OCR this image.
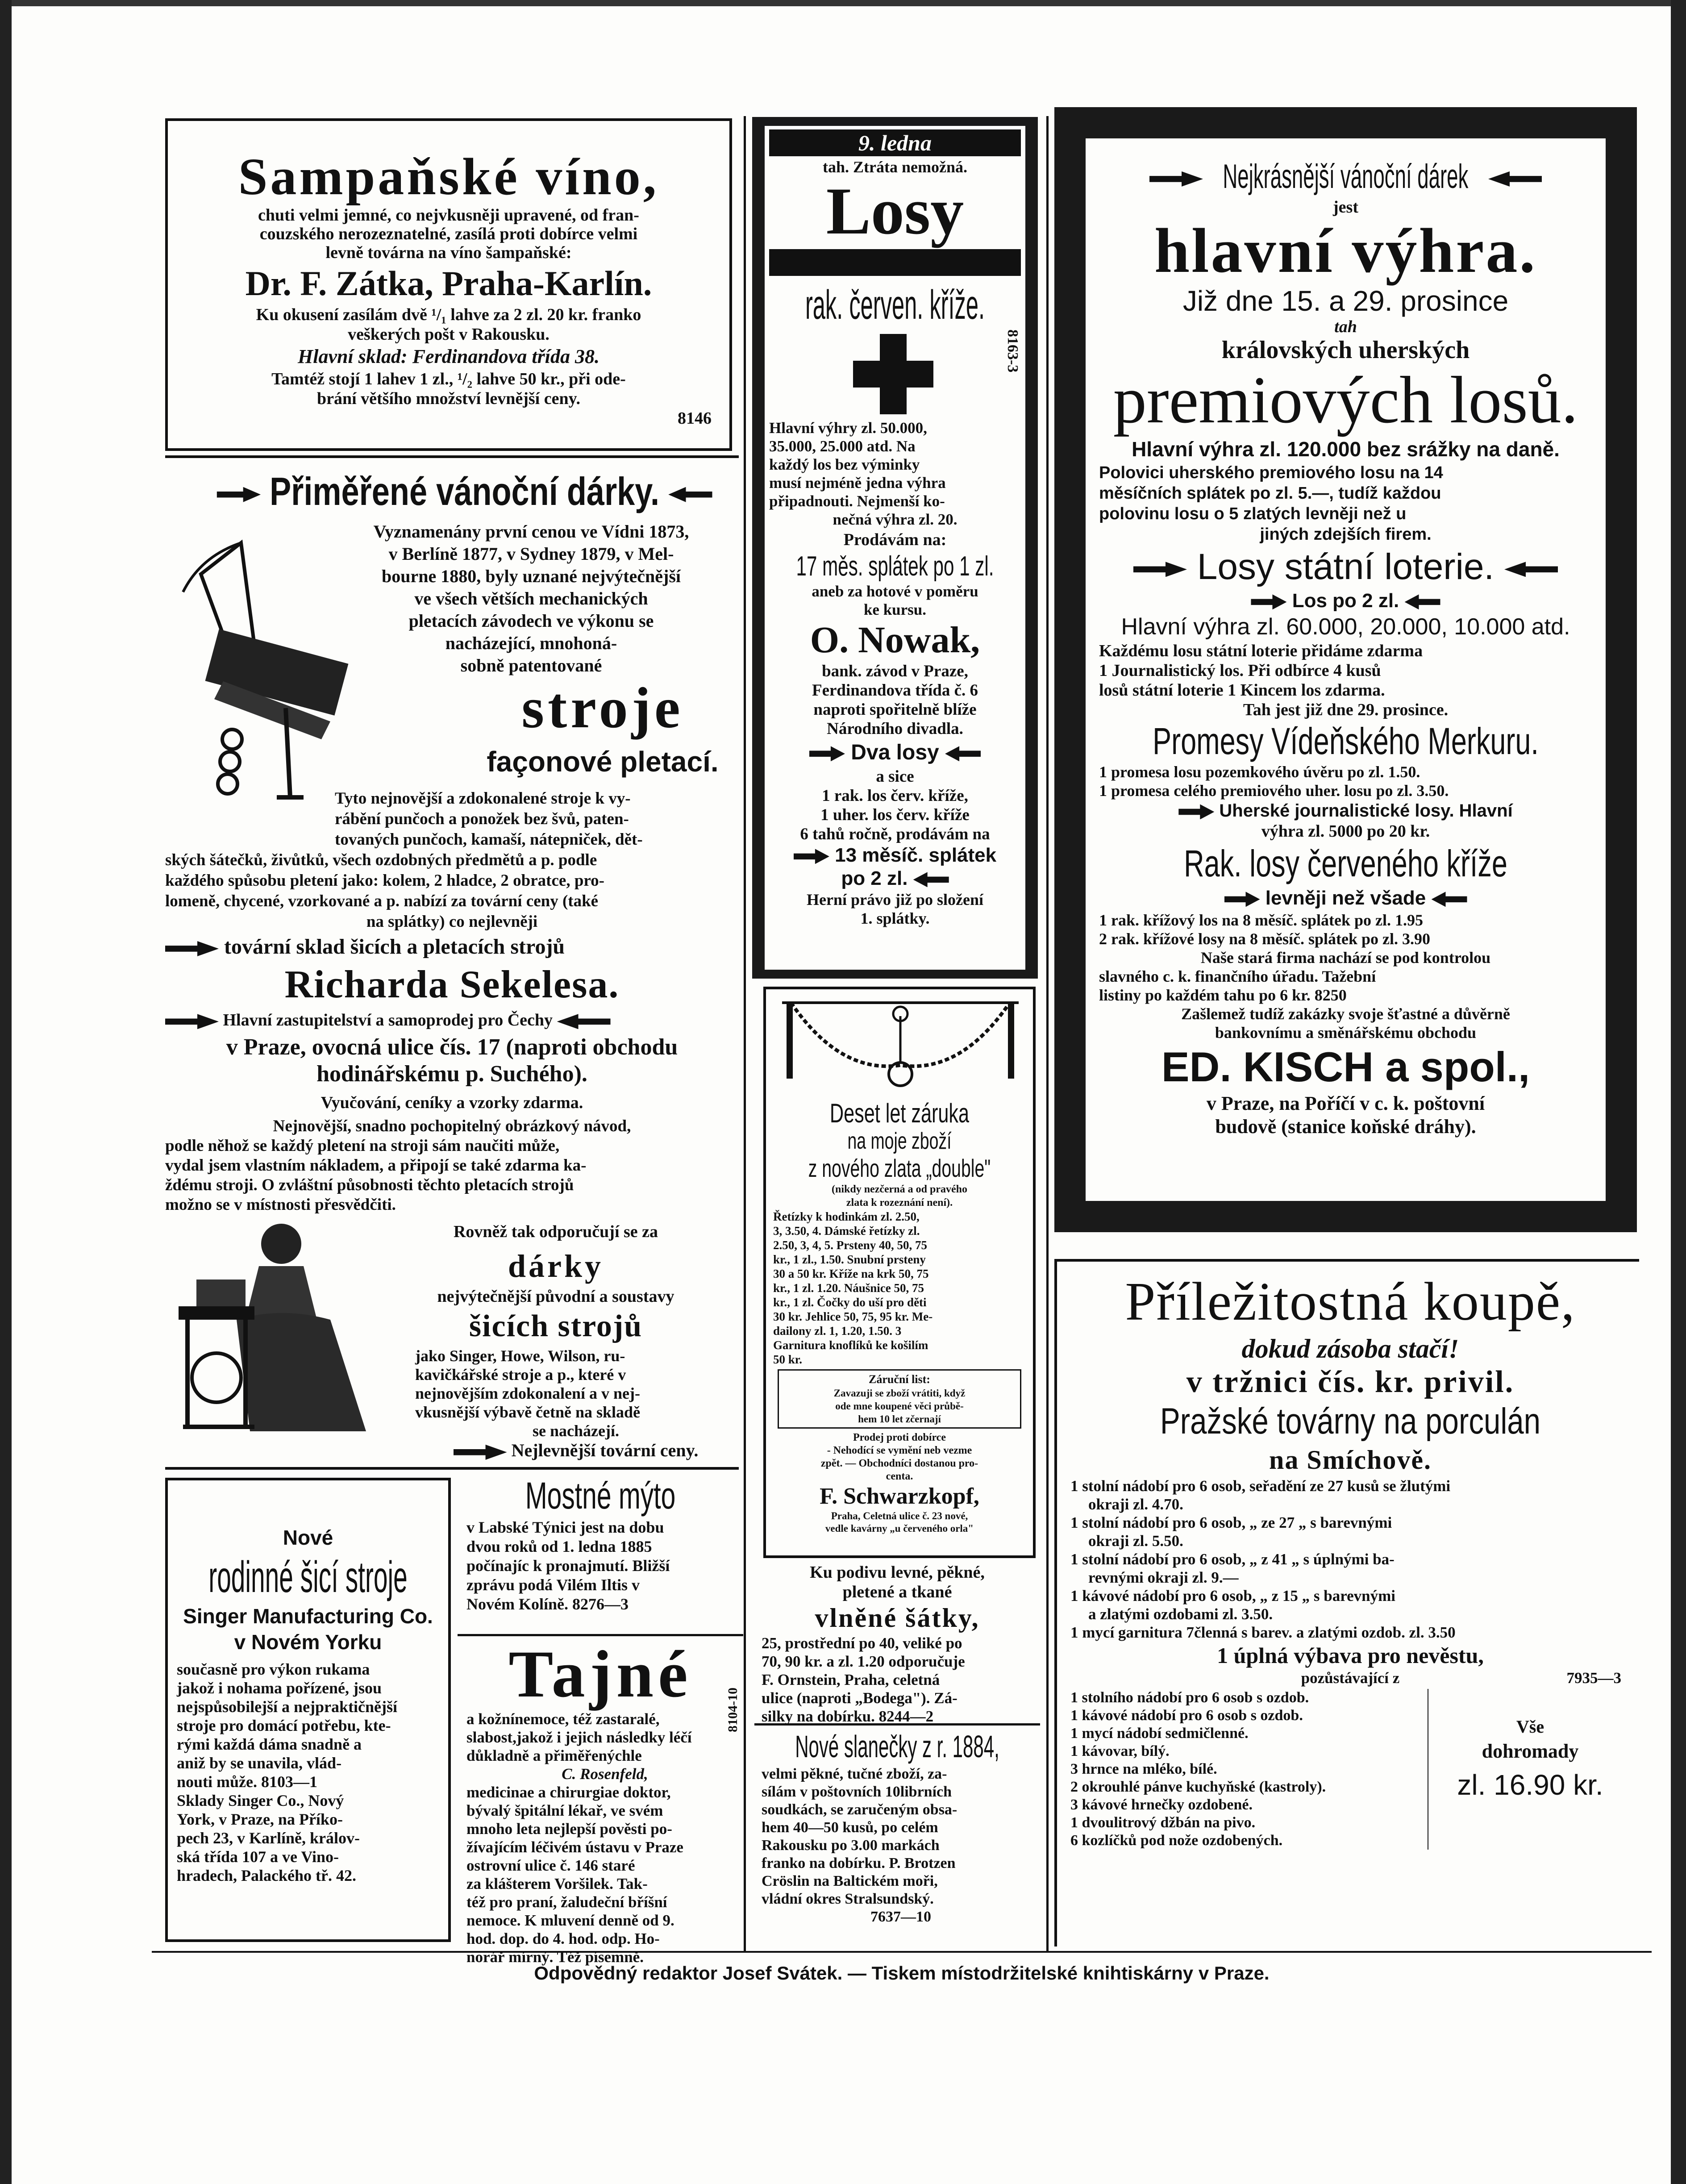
Sampaňské víno,
chuti velmi jemné, co nejvkusněji upravené, od fran-
couzského nerozeznatelné, zasílá proti dobírce velmi
levně továrna na víno šampaňské:
Dr. F. Zátka, Praha-Karlín.
Ku okusení zasílám dvě ¹/₁ lahve za 2 zl. 20 kr. franko
veškerých pošt v Rakousku.
Hlavní sklad: Ferdinandova třída 38.
Tamtéž stojí 1 lahev 1 zl., ¹/₂ lahve 50 kr., při ode-
brání většího množství levnější ceny.
8146
Přiměřené vánoční dárky.
Vyznamenány první cenou ve Vídni 1873,
v Berlíně 1877, v Sydney 1879, v Mel-
bourne 1880, byly uznané nejvýtečnější
ve všech větších mechanických
pletacích závodech ve výkonu se
nacházející, mnohoná-
sobně patentované
stroje
façonové pletací.
Tyto nejnovější a zdokonalené stroje k vy-
rábění punčoch a ponožek bez švů, paten-
tovaných punčoch, kamaší, nátepniček, dět-
ských šátečků, živůtků, všech ozdobných předmětů a p. podle
každého spůsobu pletení jako: kolem, 2 hladce, 2 obratce, pro-
lomeně, chycené, vzorkované a p. nabízí za tovární ceny (také
na splátky) co nejlevněji
tovární sklad šicích a pletacích strojů
Richarda Sekelesa.
Hlavní zastupitelství a samoprodej pro Čechy
v Praze, ovocná ulice čís. 17 (naproti obchodu
hodinářskému p. Suchého).
Vyučování, ceníky a vzorky zdarma.
Nejnovější, snadno pochopitelný obrázkový návod,
podle něhož se každý pletení na stroji sám naučiti může,
vydal jsem vlastním nákladem, a připojí se také zdarma ka-
ždému stroji. O zvláštní působnosti těchto pletacích strojů
možno se v místnosti přesvědčiti.
Rovněž tak odporučují se za
dárky
nejvýtečnější původní a soustavy
šicích strojů
jako Singer, Howe, Wilson, ru-
kavičkářské stroje a p., které v
nejnovějším zdokonalení a v nej-
vkusnější výbavě četně na skladě
se nacházejí.
Nejlevnější tovární ceny.
Nové
rodinné šicí stroje
Singer Manufacturing Co.
v Novém Yorku
současně pro výkon rukama
jakož i nohama pořízené, jsou
nejspůsobilejší a nejpraktičnější
stroje pro domácí potřebu, kte-
rými každá dáma snadně a
aniž by se unavila, vlád-
nouti může. 8103—1
Sklady Singer Co., Nový
York, v Praze, na Příko-
pech 23, v Karlíně, králov-
ská třída 107 a ve Vino-
hradech, Palackého tř. 42.
Mostné mýto
v Labské Týnici jest na dobu
dvou roků od 1. ledna 1885
počínajíc k pronajmutí. Bližší
zprávu podá Vilém Iltis v
Novém Kolíně. 8276—3
Tajné	8104-10
a kožnínemoce, též zastaralé,
slabost,jakož i jejich následky léčí
důkladně a přiměřenýchle
C. Rosenfeld,
medicinae a chirurgiae doktor,
bývalý špitální lékař, ve svém
mnoho leta nejlepší pověsti po-
žívajícím léčivém ústavu v Praze
ostrovní ulice č. 146 staré
za klášterem Voršilek. Tak-
též pro praní, žaludeční bříšní
nemoce. K mluvení denně od 9.
hod. dop. do 4. hod. odp. Ho-
norář mírný. Též písemně.
9. ledna
tah. Ztráta nemožná.
Losy
rak. červen. kříže.
8163-3
Hlavní výhry zl. 50.000,
35.000, 25.000 atd. Na
každý los bez výminky
musí nejméně jedna výhra
připadnouti. Nejmenší ko-
nečná výhra zl. 20.
Prodávám na:
17 měs. splátek po 1 zl.
aneb za hotové v poměru
ke kursu.
O. Nowak,
bank. závod v Praze,
Ferdinandova třída č. 6
naproti spořitelně blíže
Národního divadla.
Dva losy
a sice
1 rak. los červ. kříže,
1 uher. los červ. kříže
6 tahů ročně, prodávám na
13 měsíč. splátek
po 2 zl.
Herní právo již po složení
1. splátky.
Deset let záruka
na moje zboží
z nového zlata „double"
(nikdy nezčerná a od pravého
zlata k rozeznání není).
Řetízky k hodinkám zl. 2.50,
3, 3.50, 4. Dámské řetízky zl.
2.50, 3, 4, 5. Prsteny 40, 50, 75
kr., 1 zl., 1.50. Snubní prsteny
30 a 50 kr. Kříže na krk 50, 75
kr., 1 zl. 1.20. Náušnice 50, 75
kr., 1 zl. Čočky do uší pro děti
30 kr. Jehlice 50, 75, 95 kr. Me-
dailony zl. 1, 1.20, 1.50. 3
Garnitura knoflíků ke košilím
50 kr.
Záruční list:
Zavazuji se zboží vrátiti, když
ode mne koupené věci průbě-
hem 10 let zčernají
Prodej proti dobírce
- Nehodící se vymění neb vezme
zpět. — Obchodníci dostanou pro-
centa.
F. Schwarzkopf,
Praha, Celetná ulice č. 23 nové,
vedle kavárny „u červeného orla"
Ku podivu levné, pěkné,
pletené a tkané
vlněné šátky,
25, prostřední po 40, veliké po
70, 90 kr. a zl. 1.20 odporučuje
F. Ornstein, Praha, celetná
ulice (naproti „Bodega"). Zá-
silky na dobírku. 8244—2
Nové slanečky z r. 1884,
velmi pěkné, tučné zboží, za-
sílám v poštovních 10librních
soudkách, se zaručeným obsa-
hem 40—50 kusů, po celém
Rakousku po 3.00 markách
franko na dobírku. P. Brotzen
Cröslin na Baltickém moři,
vládní okres Stralsundský.
7637—10
Nejkrásnější vánoční dárek
jest
hlavní výhra.
Již dne 15. a 29. prosince
tah
královských uherských
premiových losů.
Hlavní výhra zl. 120.000 bez srážky na daně.
Polovici uherského premiového losu na 14
měsíčních splátek po zl. 5.—, tudíž každou
polovinu losu o 5 zlatých levněji než u
jiných zdejších firem.
Losy státní loterie.
Los po 2 zl.
Hlavní výhra zl. 60.000, 20.000, 10.000 atd.
Každému losu státní loterie přidáme zdarma
1 Journalistický los. Při odbírce 4 kusů
losů státní loterie 1 Kincem los zdarma.
Tah jest již dne 29. prosince.
Promesy Vídeňského Merkuru.
1 promesa losu pozemkového úvěru po zl. 1.50.
1 promesa celého premiového uher. losu po zl. 3.50.
Uherské journalistické losy. Hlavní
výhra zl. 5000 po 20 kr.
Rak. losy červeného kříže
levněji než všade
1 rak. křížový los na 8 měsíč. splátek po zl. 1.95
2 rak. křížové losy na 8 měsíč. splátek po zl. 3.90
Naše stará firma nachází se pod kontrolou
slavného c. k. finančního úřadu. Tažební
listiny po každém tahu po 6 kr. 8250
Zašlemež tudíž zakázky svoje šťastné a důvěrně
bankovnímu a směnářskému obchodu
ED. KISCH a spol.,
v Praze, na Poříčí v c. k. poštovní
budově (stanice koňské dráhy).
Příležitostná koupě,
dokud zásoba stačí!
v tržnici čís. kr. privil.
Pražské továrny na porculán
na Smíchově.
1 stolní nádobí pro 6 osob, seřadění ze 27 kusů se žlutými
okraji zl. 4.70.
1 stolní nádobí pro 6 osob, „ ze 27 „ s barevnými
okraji zl. 5.50.
1 stolní nádobí pro 6 osob, „ z 41 „ s úplnými ba-
revnými okraji zl. 9.—
1 kávové nádobí pro 6 osob, „ z 15 „ s barevnými
a zlatými ozdobami zl. 3.50.
1 mycí garnitura 7členná s barev. a zlatými ozdob. zl. 3.50
1 úplná výbava pro nevěstu,
pozůstávající z	7935—3
1 stolního nádobí pro 6 osob s ozdob.
1 kávové nádobí pro 6 osob s ozdob.
1 mycí nádobí sedmičlenné.
1 kávovar, bílý.
3 hrnce na mléko, bílé.
2 okrouhlé pánve kuchyňské (kastroly).
3 kávové hrnečky ozdobené.
1 dvoulitrový džbán na pivo.
6 kozlíčků pod nože ozdobených.
Vše
dohromady
zl. 16.90 kr.
Odpovědný redaktor Josef Svátek. — Tiskem místodržitelské knihtiskárny v Praze.
